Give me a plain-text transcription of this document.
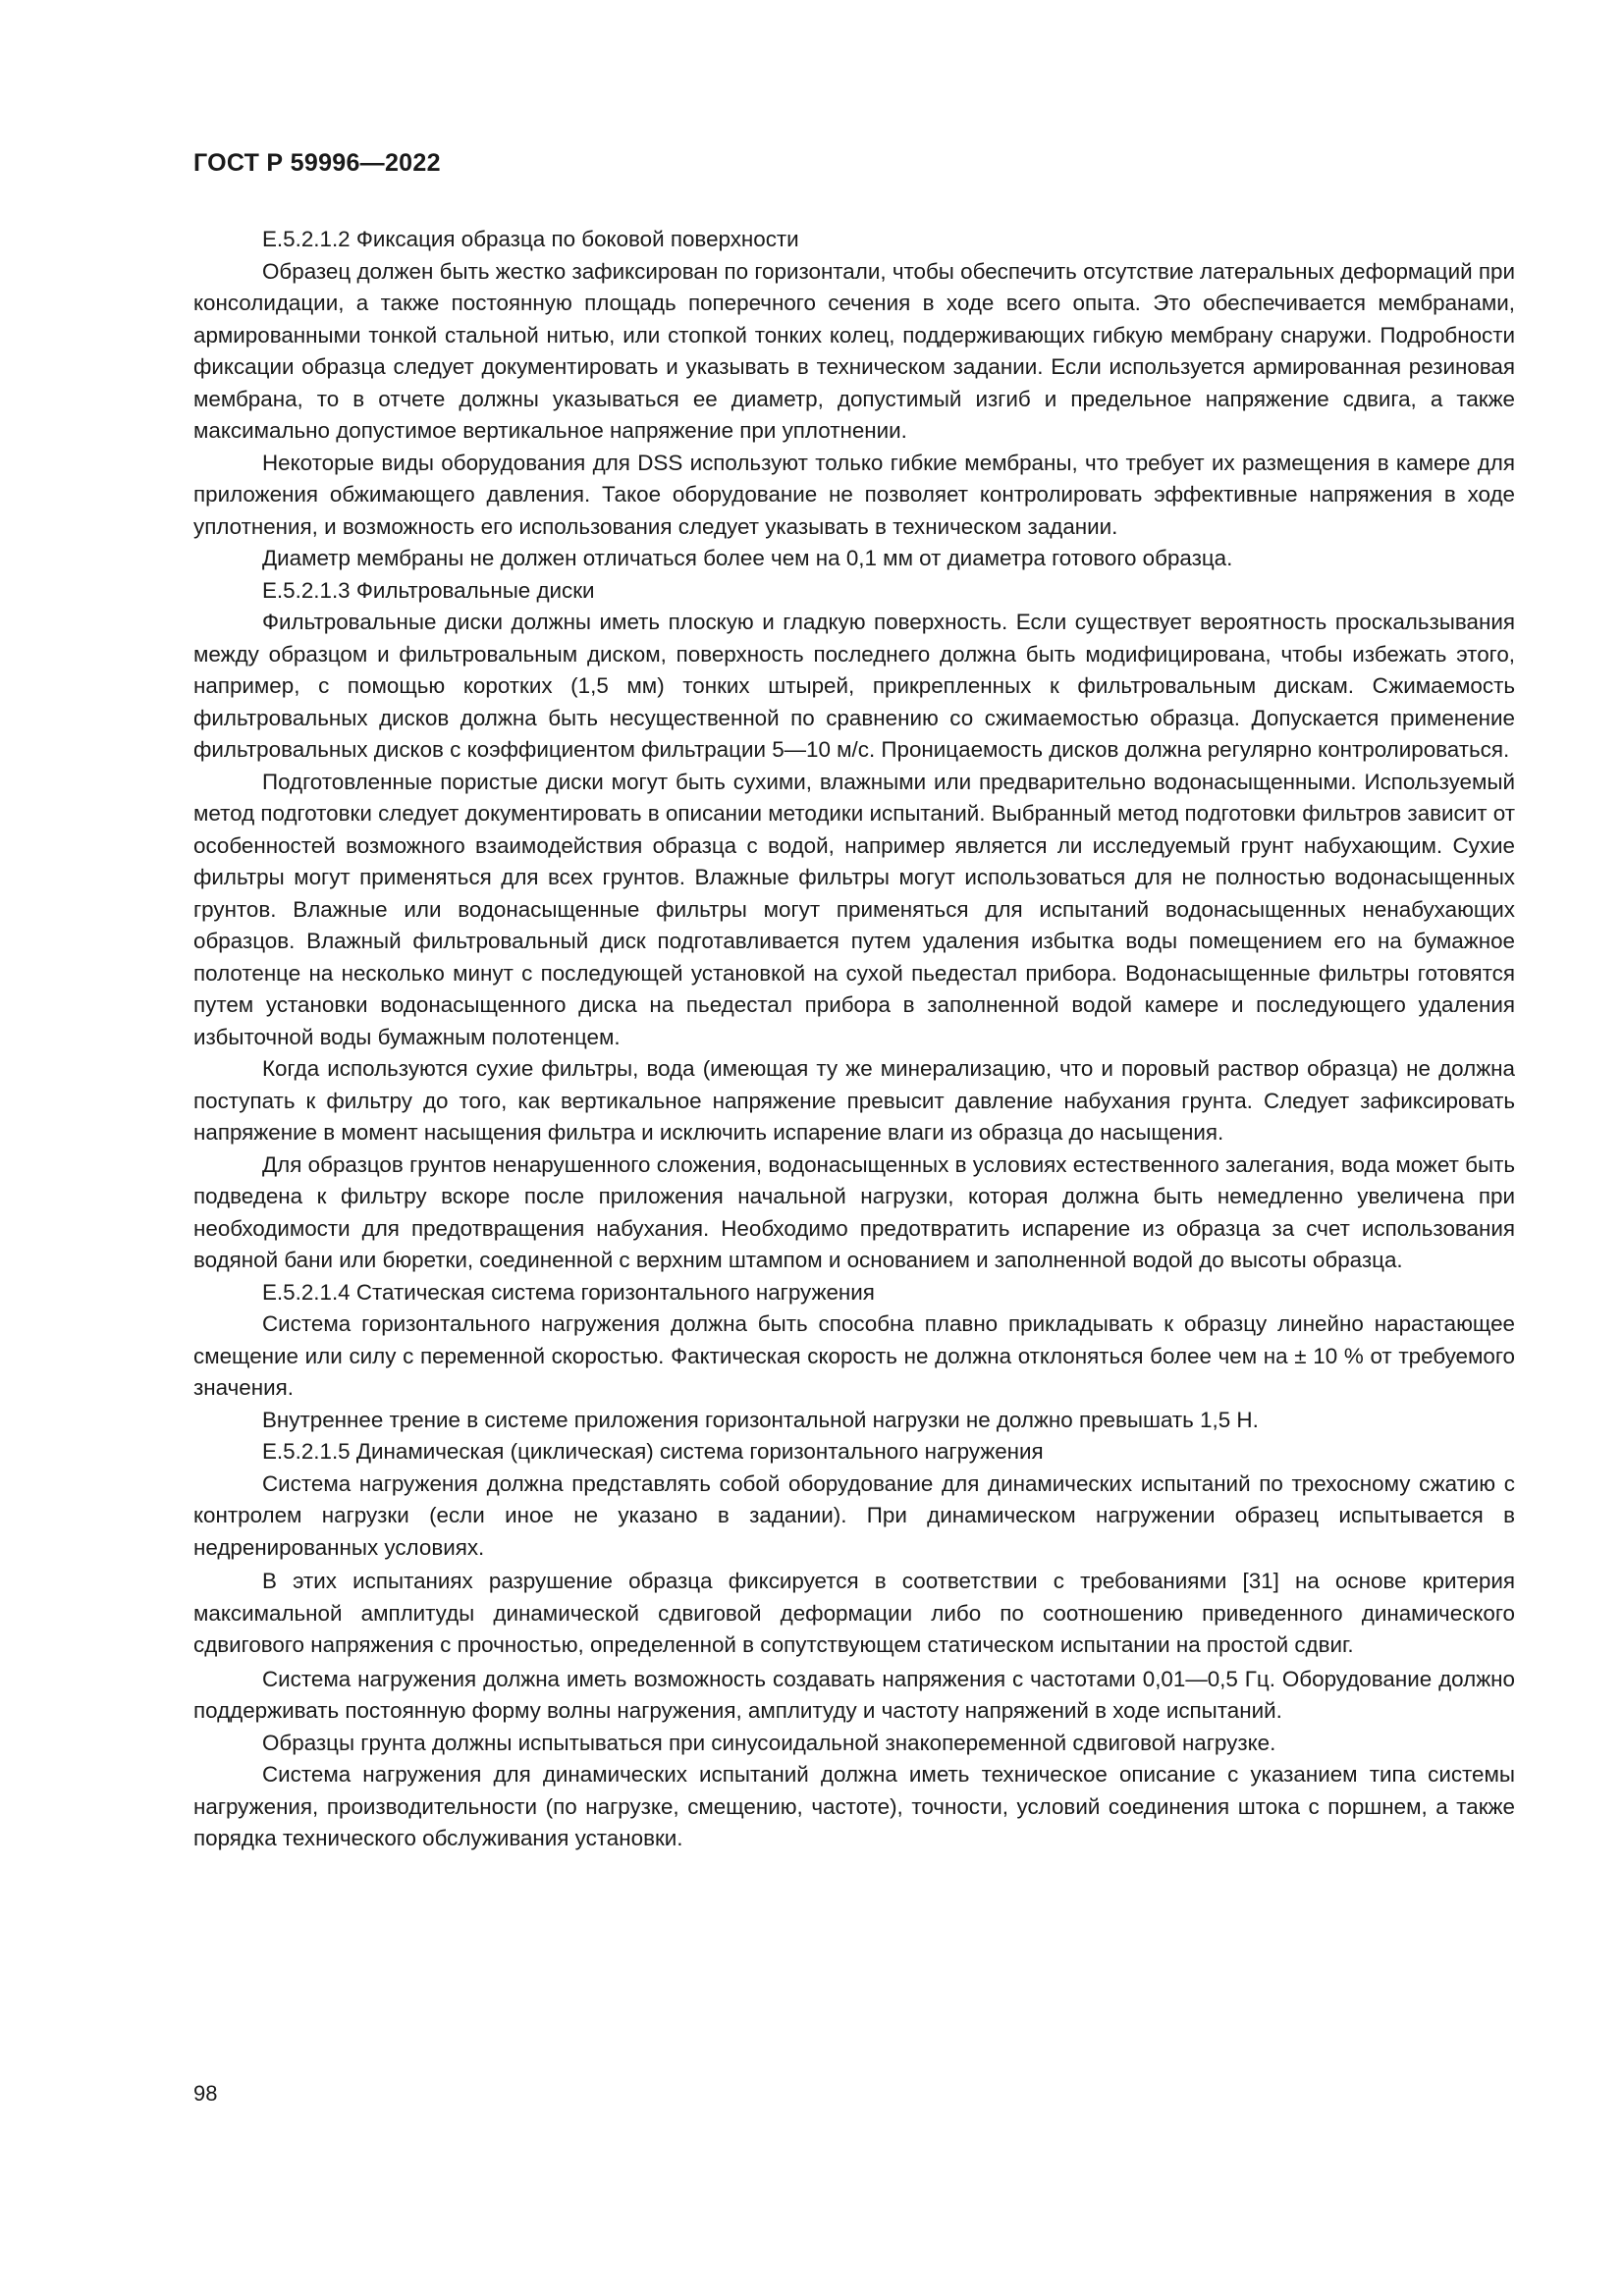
ГОСТ Р 59996—2022

Е.5.2.1.2 Фиксация образца по боковой поверхности

Образец должен быть жестко зафиксирован по горизонтали, чтобы обеспечить отсутствие латеральных деформаций при консолидации, а также постоянную площадь поперечного сечения в ходе всего опыта. Это обеспечивается мембранами, армированными тонкой стальной нитью, или стопкой тонких колец, поддерживающих гибкую мембрану снаружи. Подробности фиксации образца следует документировать и указывать в техническом задании. Если используется армированная резиновая мембрана, то в отчете должны указываться ее диаметр, допустимый изгиб и предельное напряжение сдвига, а также максимально допустимое вертикальное напряжение при уплотнении.

Некоторые виды оборудования для DSS используют только гибкие мембраны, что требует их размещения в камере для приложения обжимающего давления. Такое оборудование не позволяет контролировать эффективные напряжения в ходе уплотнения, и возможность его использования следует указывать в техническом задании.

Диаметр мембраны не должен отличаться более чем на 0,1 мм от диаметра готового образца.

Е.5.2.1.3 Фильтровальные диски

Фильтровальные диски должны иметь плоскую и гладкую поверхность. Если существует вероятность проскальзывания между образцом и фильтровальным диском, поверхность последнего должна быть модифицирована, чтобы избежать этого, например, с помощью коротких (1,5 мм) тонких штырей, прикрепленных к фильтровальным дискам. Сжимаемость фильтровальных дисков должна быть несущественной по сравнению со сжимаемостью образца. Допускается применение фильтровальных дисков с коэффициентом фильтрации 5—10 м/с. Проницаемость дисков должна регулярно контролироваться.

Подготовленные пористые диски могут быть сухими, влажными или предварительно водонасыщенными. Используемый метод подготовки следует документировать в описании методики испытаний. Выбранный метод подготовки фильтров зависит от особенностей возможного взаимодействия образца с водой, например является ли исследуемый грунт набухающим. Сухие фильтры могут применяться для всех грунтов. Влажные фильтры могут использоваться для не полностью водонасыщенных грунтов. Влажные или водонасыщенные фильтры могут применяться для испытаний водонасыщенных ненабухающих образцов. Влажный фильтровальный диск подготавливается путем удаления избытка воды помещением его на бумажное полотенце на несколько минут с последующей установкой на сухой пьедестал прибора. Водонасыщенные фильтры готовятся путем установки водонасыщенного диска на пьедестал прибора в заполненной водой камере и последующего удаления избыточной воды бумажным полотенцем.

Когда используются сухие фильтры, вода (имеющая ту же минерализацию, что и поровый раствор образца) не должна поступать к фильтру до того, как вертикальное напряжение превысит давление набухания грунта. Следует зафиксировать напряжение в момент насыщения фильтра и исключить испарение влаги из образца до насыщения.

Для образцов грунтов ненарушенного сложения, водонасыщенных в условиях естественного залегания, вода может быть подведена к фильтру вскоре после приложения начальной нагрузки, которая должна быть немедленно увеличена при необходимости для предотвращения набухания. Необходимо предотвратить испарение из образца за счет использования водяной бани или бюретки, соединенной с верхним штампом и основанием и заполненной водой до высоты образца.

Е.5.2.1.4 Статическая система горизонтального нагружения

Система горизонтального нагружения должна быть способна плавно прикладывать к образцу линейно нарастающее смещение или силу с переменной скоростью. Фактическая скорость не должна отклоняться более чем на ± 10 % от требуемого значения.

Внутреннее трение в системе приложения горизонтальной нагрузки не должно превышать 1,5 Н.

Е.5.2.1.5 Динамическая (циклическая) система горизонтального нагружения

Система нагружения должна представлять собой оборудование для динамических испытаний по трехосному сжатию с контролем нагрузки (если иное не указано в задании). При динамическом нагружении образец испытывается в недренированных условиях.

В этих испытаниях разрушение образца фиксируется в соответствии с требованиями [31] на основе критерия максимальной амплитуды динамической сдвиговой деформации либо по соотношению приведенного динамического сдвигового напряжения с прочностью, определенной в сопутствующем статическом испытании на простой сдвиг.

Система нагружения должна иметь возможность создавать напряжения с частотами 0,01—0,5 Гц. Оборудование должно поддерживать постоянную форму волны нагружения, амплитуду и частоту напряжений в ходе испытаний.

Образцы грунта должны испытываться при синусоидальной знакопеременной сдвиговой нагрузке.

Система нагружения для динамических испытаний должна иметь техническое описание с указанием типа системы нагружения, производительности (по нагрузке, смещению, частоте), точности, условий соединения штока с поршнем, а также порядка технического обслуживания установки.

98
